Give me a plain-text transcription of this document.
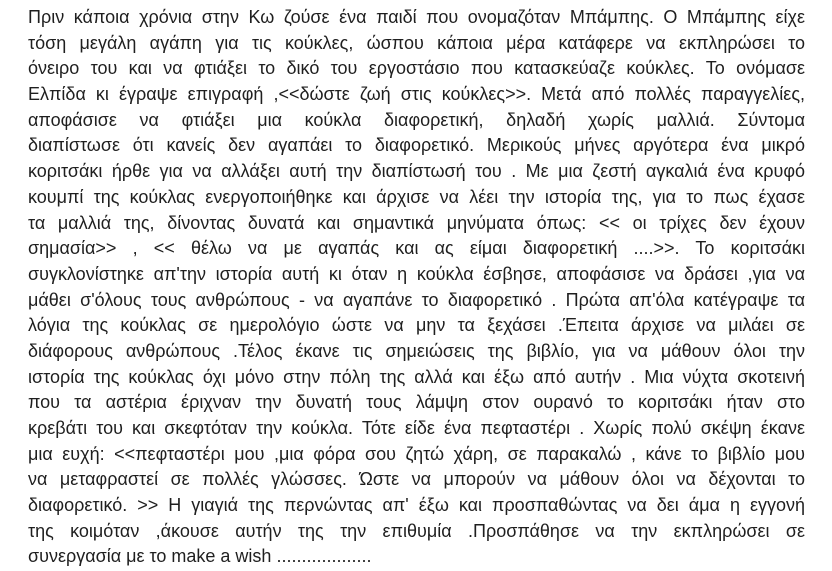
Πριν κάποια χρόνια στην Κω ζούσε ένα παιδί που ονομαζόταν Μπάμπης. Ο Μπάμπης είχε
τόση μεγάλη αγάπη για τις κούκλες, ώσπου κάποια μέρα κατάφερε να εκπληρώσει το
όνειρο του και να φτιάξει το δικό του εργοστάσιο που κατασκεύαζε κούκλες. Το ονόμασε
Ελπίδα κι έγραψε επιγραφή ,<<δώστε ζωή στις κούκλες>>. Μετά από πολλές παραγγελίες,
αποφάσισε να φτιάξει μια κούκλα διαφορετική, δηλαδή χωρίς μαλλιά. Σύντομα
διαπίστωσε ότι κανείς δεν αγαπάει το διαφορετικό. Μερικούς μήνες αργότερα ένα μικρό
κοριτσάκι ήρθε για να αλλάξει αυτή την διαπίστωσή του . Με μια ζεστή αγκαλιά ένα κρυφό
κουμπί της κούκλας ενεργοποιήθηκε και άρχισε να λέει την ιστορία της, για το πως έχασε
τα μαλλιά της, δίνοντας δυνατά και σημαντικά μηνύματα όπως: << οι τρίχες δεν έχουν
σημασία>> , << θέλω να με αγαπάς και ας είμαι διαφορετική ....>>. Το κοριτσάκι
συγκλονίστηκε απ'την ιστορία αυτή κι όταν η κούκλα έσβησε, αποφάσισε να δράσει ,για να
μάθει σ'όλους τους ανθρώπους - να αγαπάνε το διαφορετικό . Πρώτα απ'όλα κατέγραψε τα
λόγια της κούκλας σε ημερολόγιο ώστε να μην τα ξεχάσει .Έπειτα άρχισε να μιλάει σε
διάφορους ανθρώπους .Τέλος έκανε τις σημειώσεις της βιβλίο, για να μάθουν όλοι την
ιστορία της κούκλας όχι μόνο στην πόλη της αλλά και έξω από αυτήν . Μια νύχτα σκοτεινή
που τα αστέρια έριχναν την δυνατή τους λάμψη στον ουρανό το κοριτσάκι ήταν στο
κρεβάτι του και σκεφτόταν την κούκλα. Τότε είδε ένα πεφταστέρι . Χωρίς πολύ σκέψη έκανε
μια ευχή: <<πεφταστέρι μου ,μια φόρα σου ζητώ χάρη, σε παρακαλώ , κάνε το βιβλίο μου
να μεταφραστεί σε πολλές γλώσσες. Ώστε να μπορούν να μάθουν όλοι να δέχονται το
διαφορετικό. >> Η γιαγιά της περνώντας απ' έξω και προσπαθώντας να δει άμα η εγγονή
της κοιμόταν ,άκουσε αυτήν της την επιθυμία .Προσπάθησε να την εκπληρώσει σε
συνεργασία με το make a wish ...................
